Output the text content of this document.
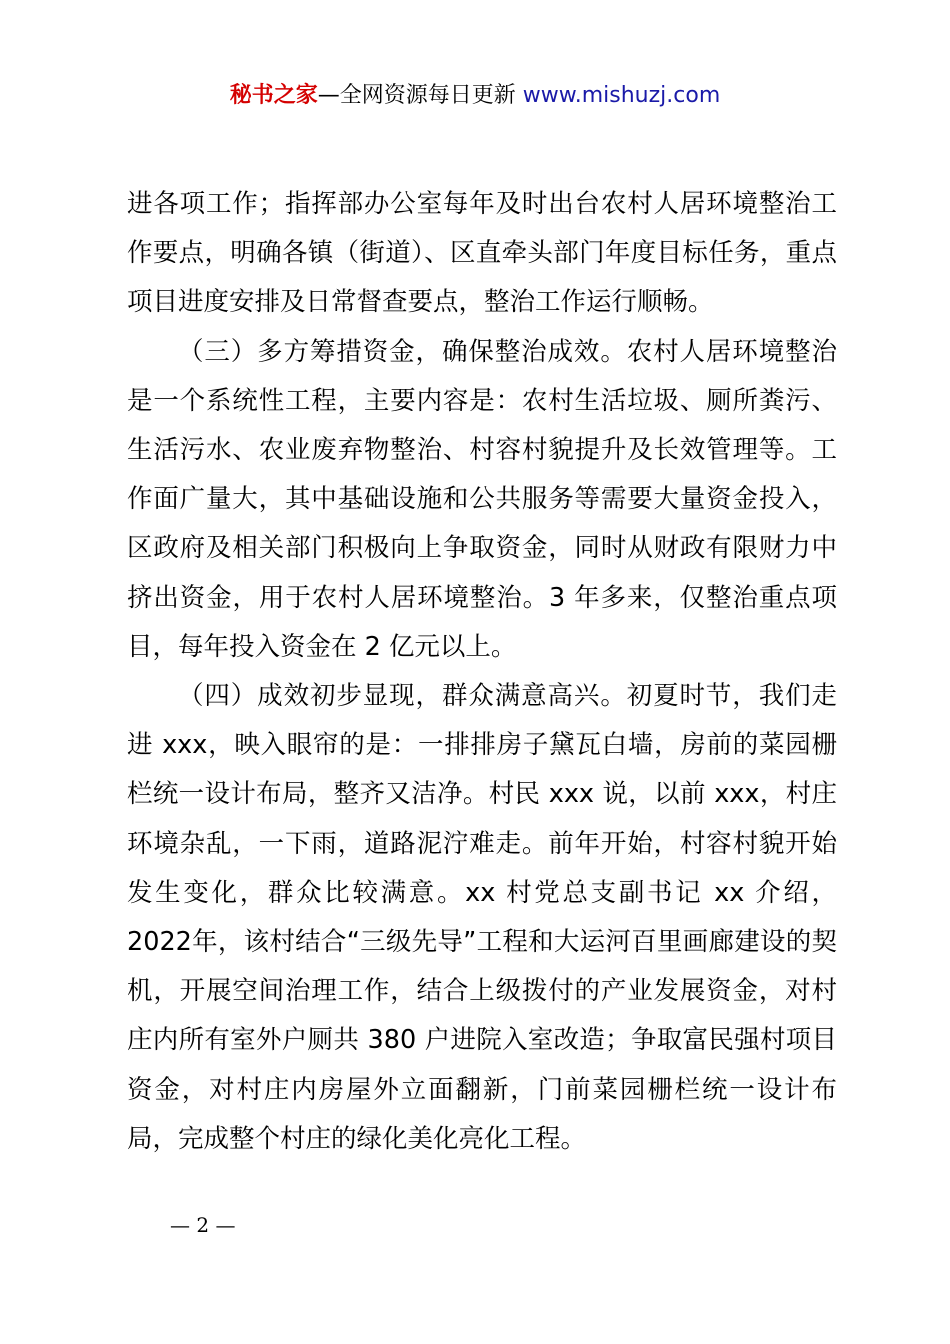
秘书之家—全网资源每日更新 www.mishuzj.com

进各项工作；指挥部办公室每年及时出台农村人居环境整治工作要点，明确各镇（街道）、区直牵头部门年度目标任务，重点项目进度安排及日常督查要点，整治工作运行顺畅。

（三）多方筹措资金，确保整治成效。农村人居环境整治是一个系统性工程，主要内容是：农村生活垃圾、厕所粪污、生活污水、农业废弃物整治、村容村貌提升及长效管理等。工作面广量大，其中基础设施和公共服务等需要大量资金投入，区政府及相关部门积极向上争取资金，同时从财政有限财力中挤出资金，用于农村人居环境整治。3 年多来，仅整治重点项目，每年投入资金在 2 亿元以上。

（四）成效初步显现，群众满意高兴。初夏时节，我们走进 xxx，映入眼帘的是：一排排房子黛瓦白墙，房前的菜园栅栏统一设计布局，整齐又洁净。村民 xxx 说，以前 xxx，村庄环境杂乱，一下雨，道路泥泞难走。前年开始，村容村貌开始发生变化，群众比较满意。xx 村党总支副书记 xx 介绍，2022年，该村结合“三级先导”工程和大运河百里画廊建设的契机，开展空间治理工作，结合上级拨付的产业发展资金，对村庄内所有室外户厕共 380 户进院入室改造；争取富民强村项目资金，对村庄内房屋外立面翻新，门前菜园栅栏统一设计布局，完成整个村庄的绿化美化亮化工程。

— 2 —
